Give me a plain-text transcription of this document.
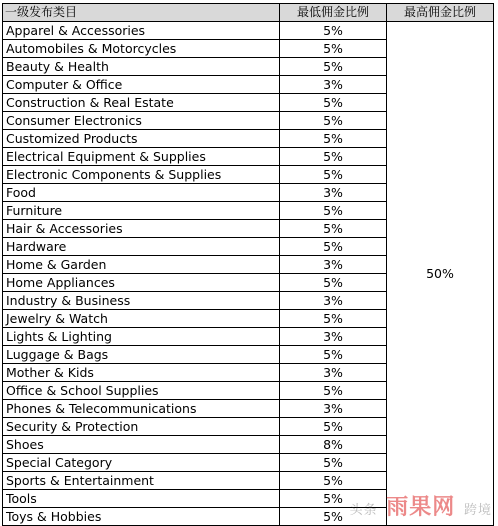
一级发布类目	最低佣金比例	最高佣金比例
Apparel & Accessories	5%	50%
Automobiles & Motorcycles	5%	
Beauty & Health	5%	
Computer & Office	3%	
Construction & Real Estate	5%	
Consumer Electronics	5%	
Customized Products	5%	
Electrical Equipment & Supplies	5%	
Electronic Components & Supplies	5%	
Food	3%	
Furniture	5%	
Hair & Accessories	5%	
Hardware	5%	
Home & Garden	3%	
Home Appliances	5%	
Industry & Business	3%	
Jewelry & Watch	5%	
Lights & Lighting	3%	
Luggage & Bags	5%	
Mother & Kids	3%	
Office & School Supplies	5%	
Phones & Telecommunications	3%	
Security & Protection	5%	
Shoes	8%	
Special Category	5%	
Sports & Entertainment	5%	
Tools	5%	
Toys & Hobbies	5%	头条 雨果网 跨境
